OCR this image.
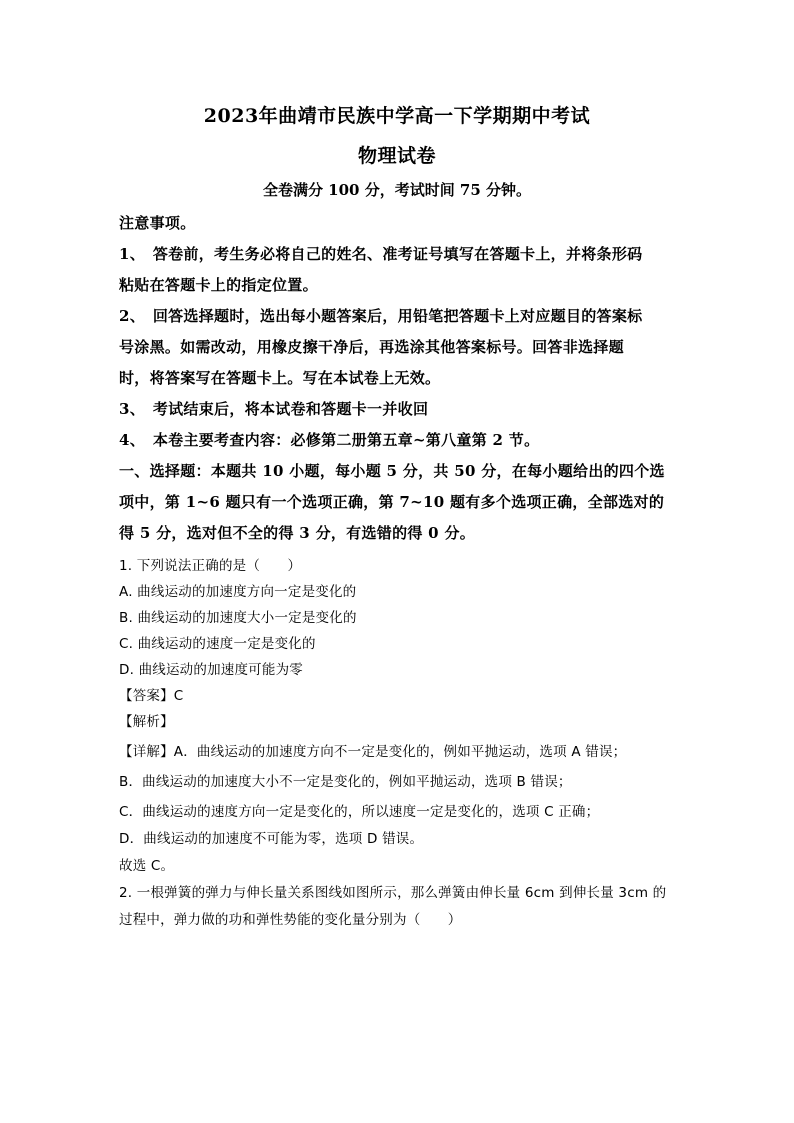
2023年曲靖市民族中学高一下学期期中考试
物理试卷
全卷满分 100 分，考试时间 75 分钟。
注意事项。
1、　答卷前，考生务必将自己的姓名、准考证号填写在答题卡上，并将条形码
粘贴在答题卡上的指定位置。
2、　回答选择题时，选出每小题答案后，用铅笔把答题卡上对应题目的答案标
号涂黑。如需改动，用橡皮擦干净后，再选涂其他答案标号。回答非选择题
时，将答案写在答题卡上。写在本试卷上无效。
3、　考试结束后，将本试卷和答题卡一并收回
4、　本卷主要考查内容：必修第二册第五章~第八童第 2 节。
一、选择题：本题共 10 小题，每小题 5 分，共 50 分，在每小题给出的四个选
项中，第 1~6 题只有一个选项正确，第 7~10 题有多个选项正确，全部选对的
得 5 分，选对但不全的得 3 分，有选错的得 0 分。
1. 下列说法正确的是（　　）
A. 曲线运动的加速度方向一定是变化的
B. 曲线运动的加速度大小一定是变化的
C. 曲线运动的速度一定是变化的
D. 曲线运动的加速度可能为零
【答案】C
【解析】
【详解】A．曲线运动的加速度方向不一定是变化的，例如平抛运动，选项 A 错误；
B．曲线运动的加速度大小不一定是变化的，例如平抛运动，选项 B 错误；
C．曲线运动的速度方向一定是变化的，所以速度一定是变化的，选项 C 正确；
D．曲线运动的加速度不可能为零，选项 D 错误。
故选 C。
2. 一根弹簧的弹力与伸长量关系图线如图所示，那么弹簧由伸长量 6cm 到伸长量 3cm 的
过程中，弹力做的功和弹性势能的变化量分别为（　　）
